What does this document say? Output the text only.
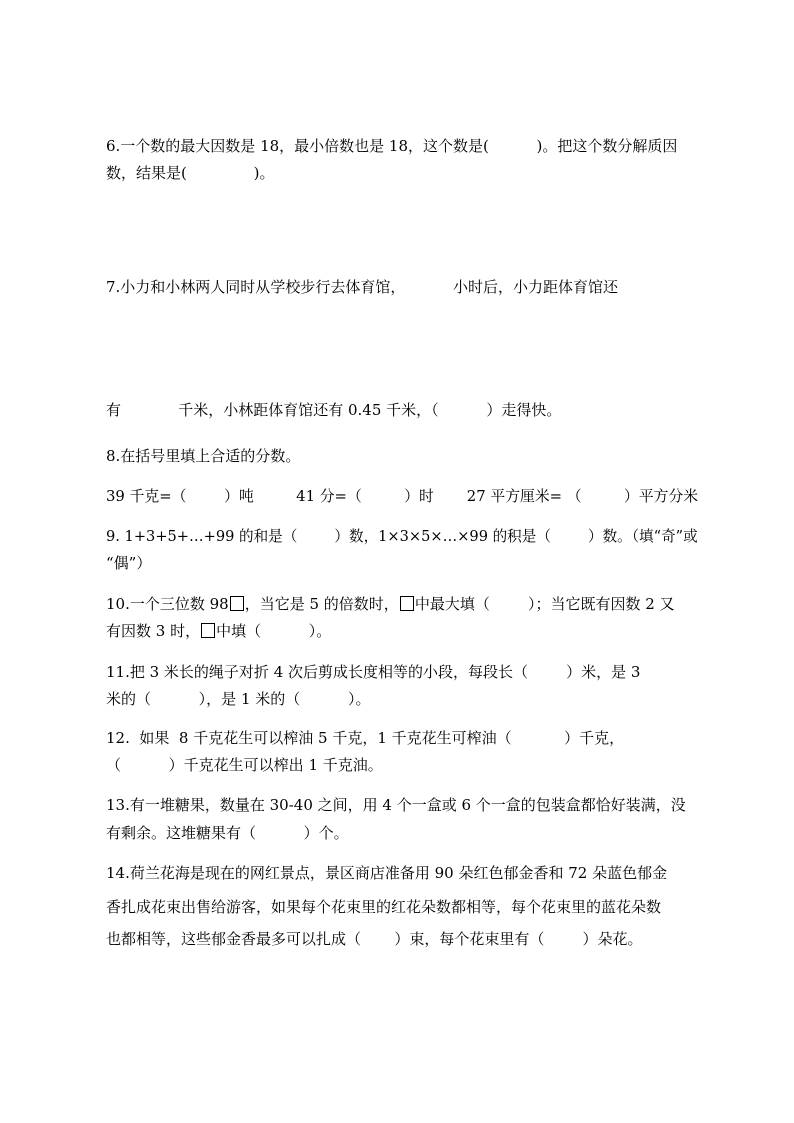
6.一个数的最大因数是 18，最小倍数也是 18，这个数是(          )。把这个数分解质因
数，结果是(              )。
7.小力和小林两人同时从学校步行去体育馆，          小时后，小力距体育馆还
有            千米，小林距体育馆还有 0.45 千米，（          ）走得快。
8.在括号里填上合适的分数。
39 千克=（        ）吨         41 分=（         ）时       27 平方厘米= （         ）平方分米
9. 1+3+5+…+99 的和是（        ）数，1×3×5×…×99 的积是（        ）数。（填“奇”或
“偶”）
10.一个三位数 98 ，当它是 5 的倍数时， 中最大填（        ）；当它既有因数 2 又
有因数 3 时， 中填（          ）。
11.把 3 米长的绳子对折 4 次后剪成长度相等的小段，每段长（        ）米，是 3
米的（          ），是 1 米的（          ）。
12.  如果  8 千克花生可以榨油 5 千克，1 千克花生可榨油（           ）千克，
（          ）千克花生可以榨出 1 千克油。
13.有一堆糖果，数量在 30-40 之间，用 4 个一盒或 6 个一盒的包装盒都恰好装满，没
有剩余。这堆糖果有（          ）个。
14.荷兰花海是现在的网红景点，景区商店准备用 90 朵红色郁金香和 72 朵蓝色郁金
香扎成花束出售给游客，如果每个花束里的红花朵数都相等，每个花束里的蓝花朵数
也都相等，这些郁金香最多可以扎成（       ）束，每个花束里有（        ）朵花。
